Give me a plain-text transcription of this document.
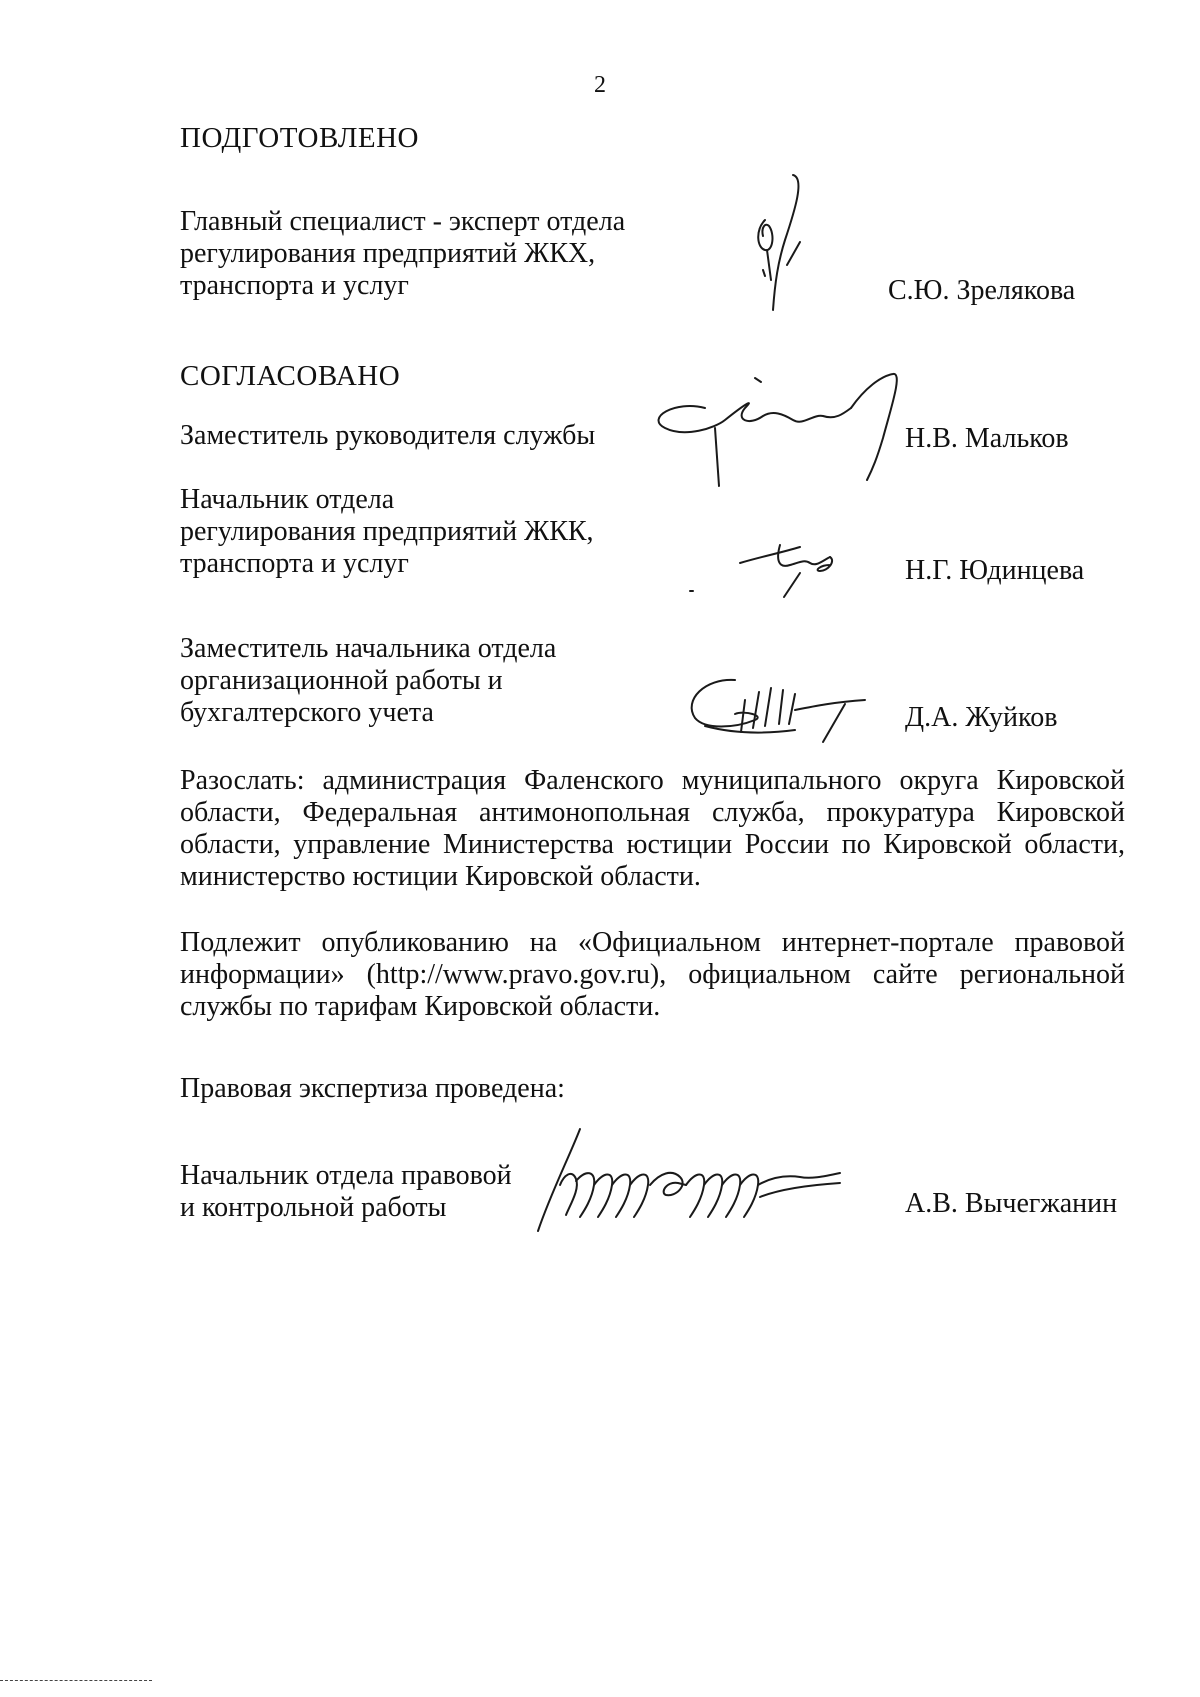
2
ПОДГОТОВЛЕНО
Главный специалист - эксперт отдела
регулирования предприятий ЖКХ,
транспорта и услуг	С.Ю. Зрелякова
СОГЛАСОВАНО
Заместитель руководителя службы	Н.В. Мальков
Начальник отдела
регулирования предприятий ЖКК,
транспорта и услуг	Н.Г. Юдинцева
Заместитель начальника отдела
организационной работы и
бухгалтерского учета	Д.А. Жуйков
Разослать: администрация Фаленского муниципального округа Кировской области, Федеральная антимонопольная служба, прокуратура Кировской области, управление Министерства юстиции России по Кировской области, министерство юстиции Кировской области.
Подлежит опубликованию на «Официальном интернет-портале правовой информации» (http://www.pravo.gov.ru), официальном сайте региональной службы по тарифам Кировской области.
Правовая экспертиза проведена:
Начальник отдела правовой
и контрольной работы	А.В. Вычегжанин
